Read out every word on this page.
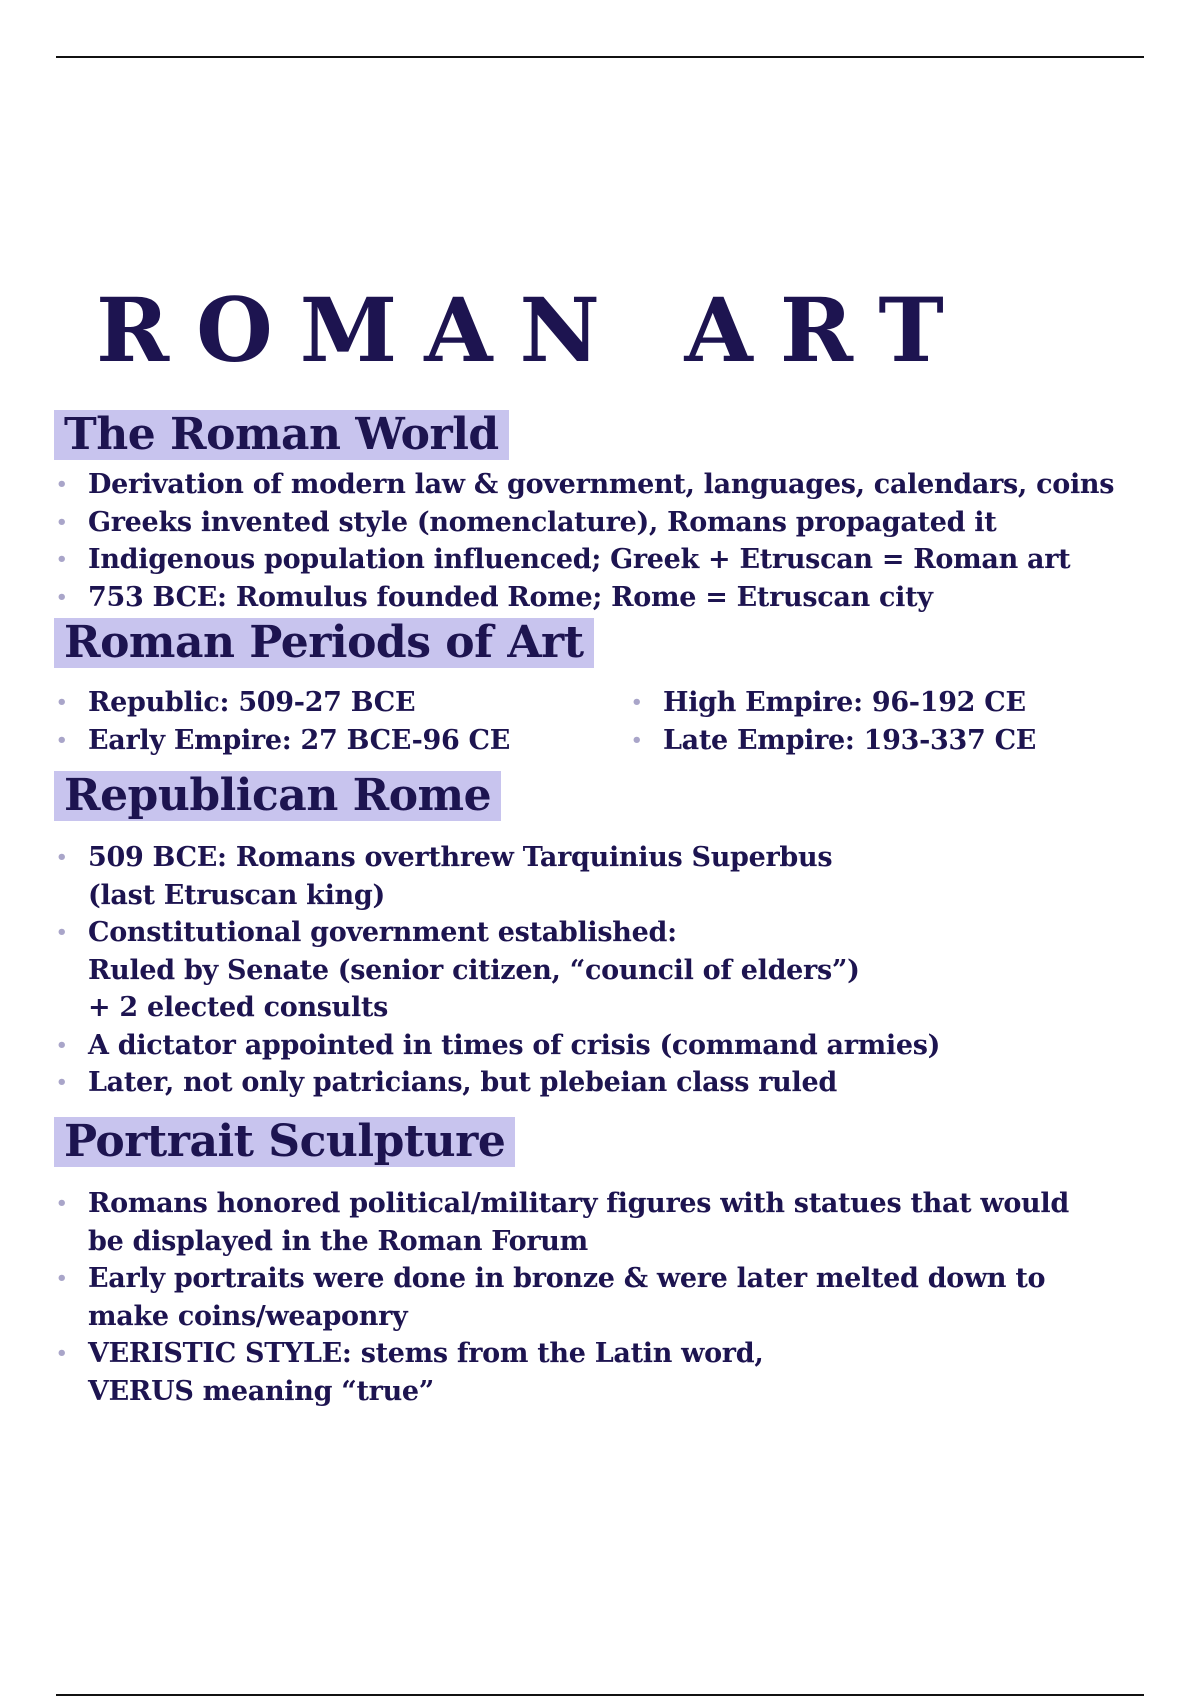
ROMAN ART
The Roman World
• Derivation of modern law & government, languages, calendars, coins
• Greeks invented style (nomenclature), Romans propagated it
• Indigenous population influenced; Greek + Etruscan = Roman art
• 753 BCE: Romulus founded Rome; Rome = Etruscan city
Roman Periods of Art
• Republic: 509-27 BCE
• Early Empire: 27 BCE-96 CE
• High Empire: 96-192 CE
• Late Empire: 193-337 CE
Republican Rome
• 509 BCE: Romans overthrew Tarquinius Superbus
(last Etruscan king)
• Constitutional government established:
Ruled by Senate (senior citizen, “council of elders”)
+ 2 elected consults
• A dictator appointed in times of crisis (command armies)
• Later, not only patricians, but plebeian class ruled
Portrait Sculpture
• Romans honored political/military figures with statues that would
be displayed in the Roman Forum
• Early portraits were done in bronze & were later melted down to
make coins/weaponry
• VERISTIC STYLE: stems from the Latin word,
VERUS meaning “true”
